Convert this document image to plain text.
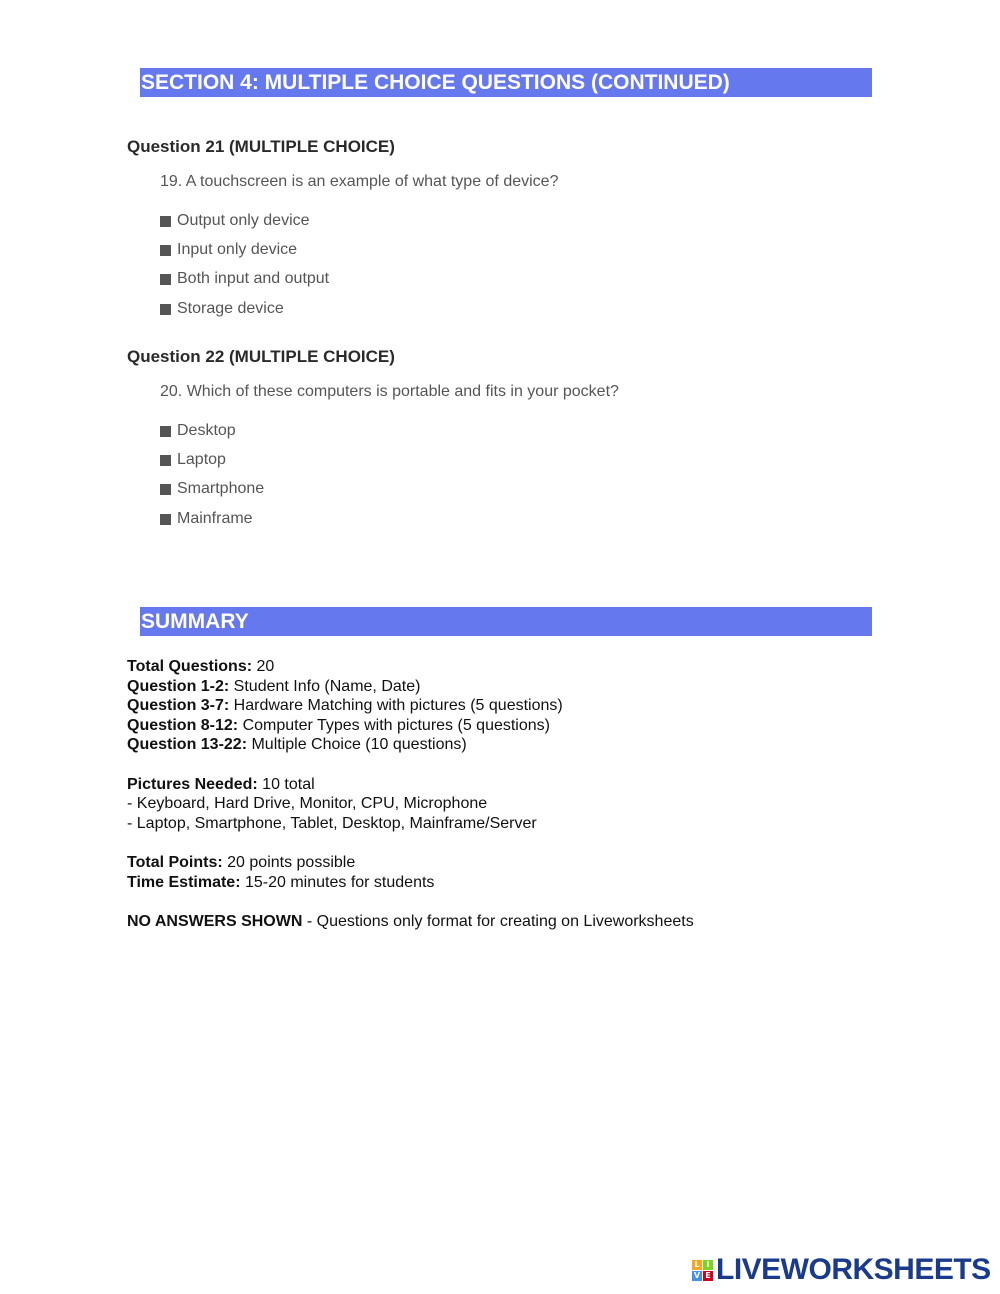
SECTION 4: MULTIPLE CHOICE QUESTIONS (CONTINUED)
Question 21 (MULTIPLE CHOICE)
19. A touchscreen is an example of what type of device?
Output only device
Input only device
Both input and output
Storage device
Question 22 (MULTIPLE CHOICE)
20. Which of these computers is portable and fits in your pocket?
Desktop
Laptop
Smartphone
Mainframe
SUMMARY
Total Questions: 20
Question 1-2: Student Info (Name, Date)
Question 3-7: Hardware Matching with pictures (5 questions)
Question 8-12: Computer Types with pictures (5 questions)
Question 13-22: Multiple Choice (10 questions)
Pictures Needed: 10 total
- Keyboard, Hard Drive, Monitor, CPU, Microphone
- Laptop, Smartphone, Tablet, Desktop, Mainframe/Server
Total Points: 20 points possible
Time Estimate: 15-20 minutes for students
NO ANSWERS SHOWN - Questions only format for creating on Liveworksheets
L I
V E LIVEWORKSHEETS
